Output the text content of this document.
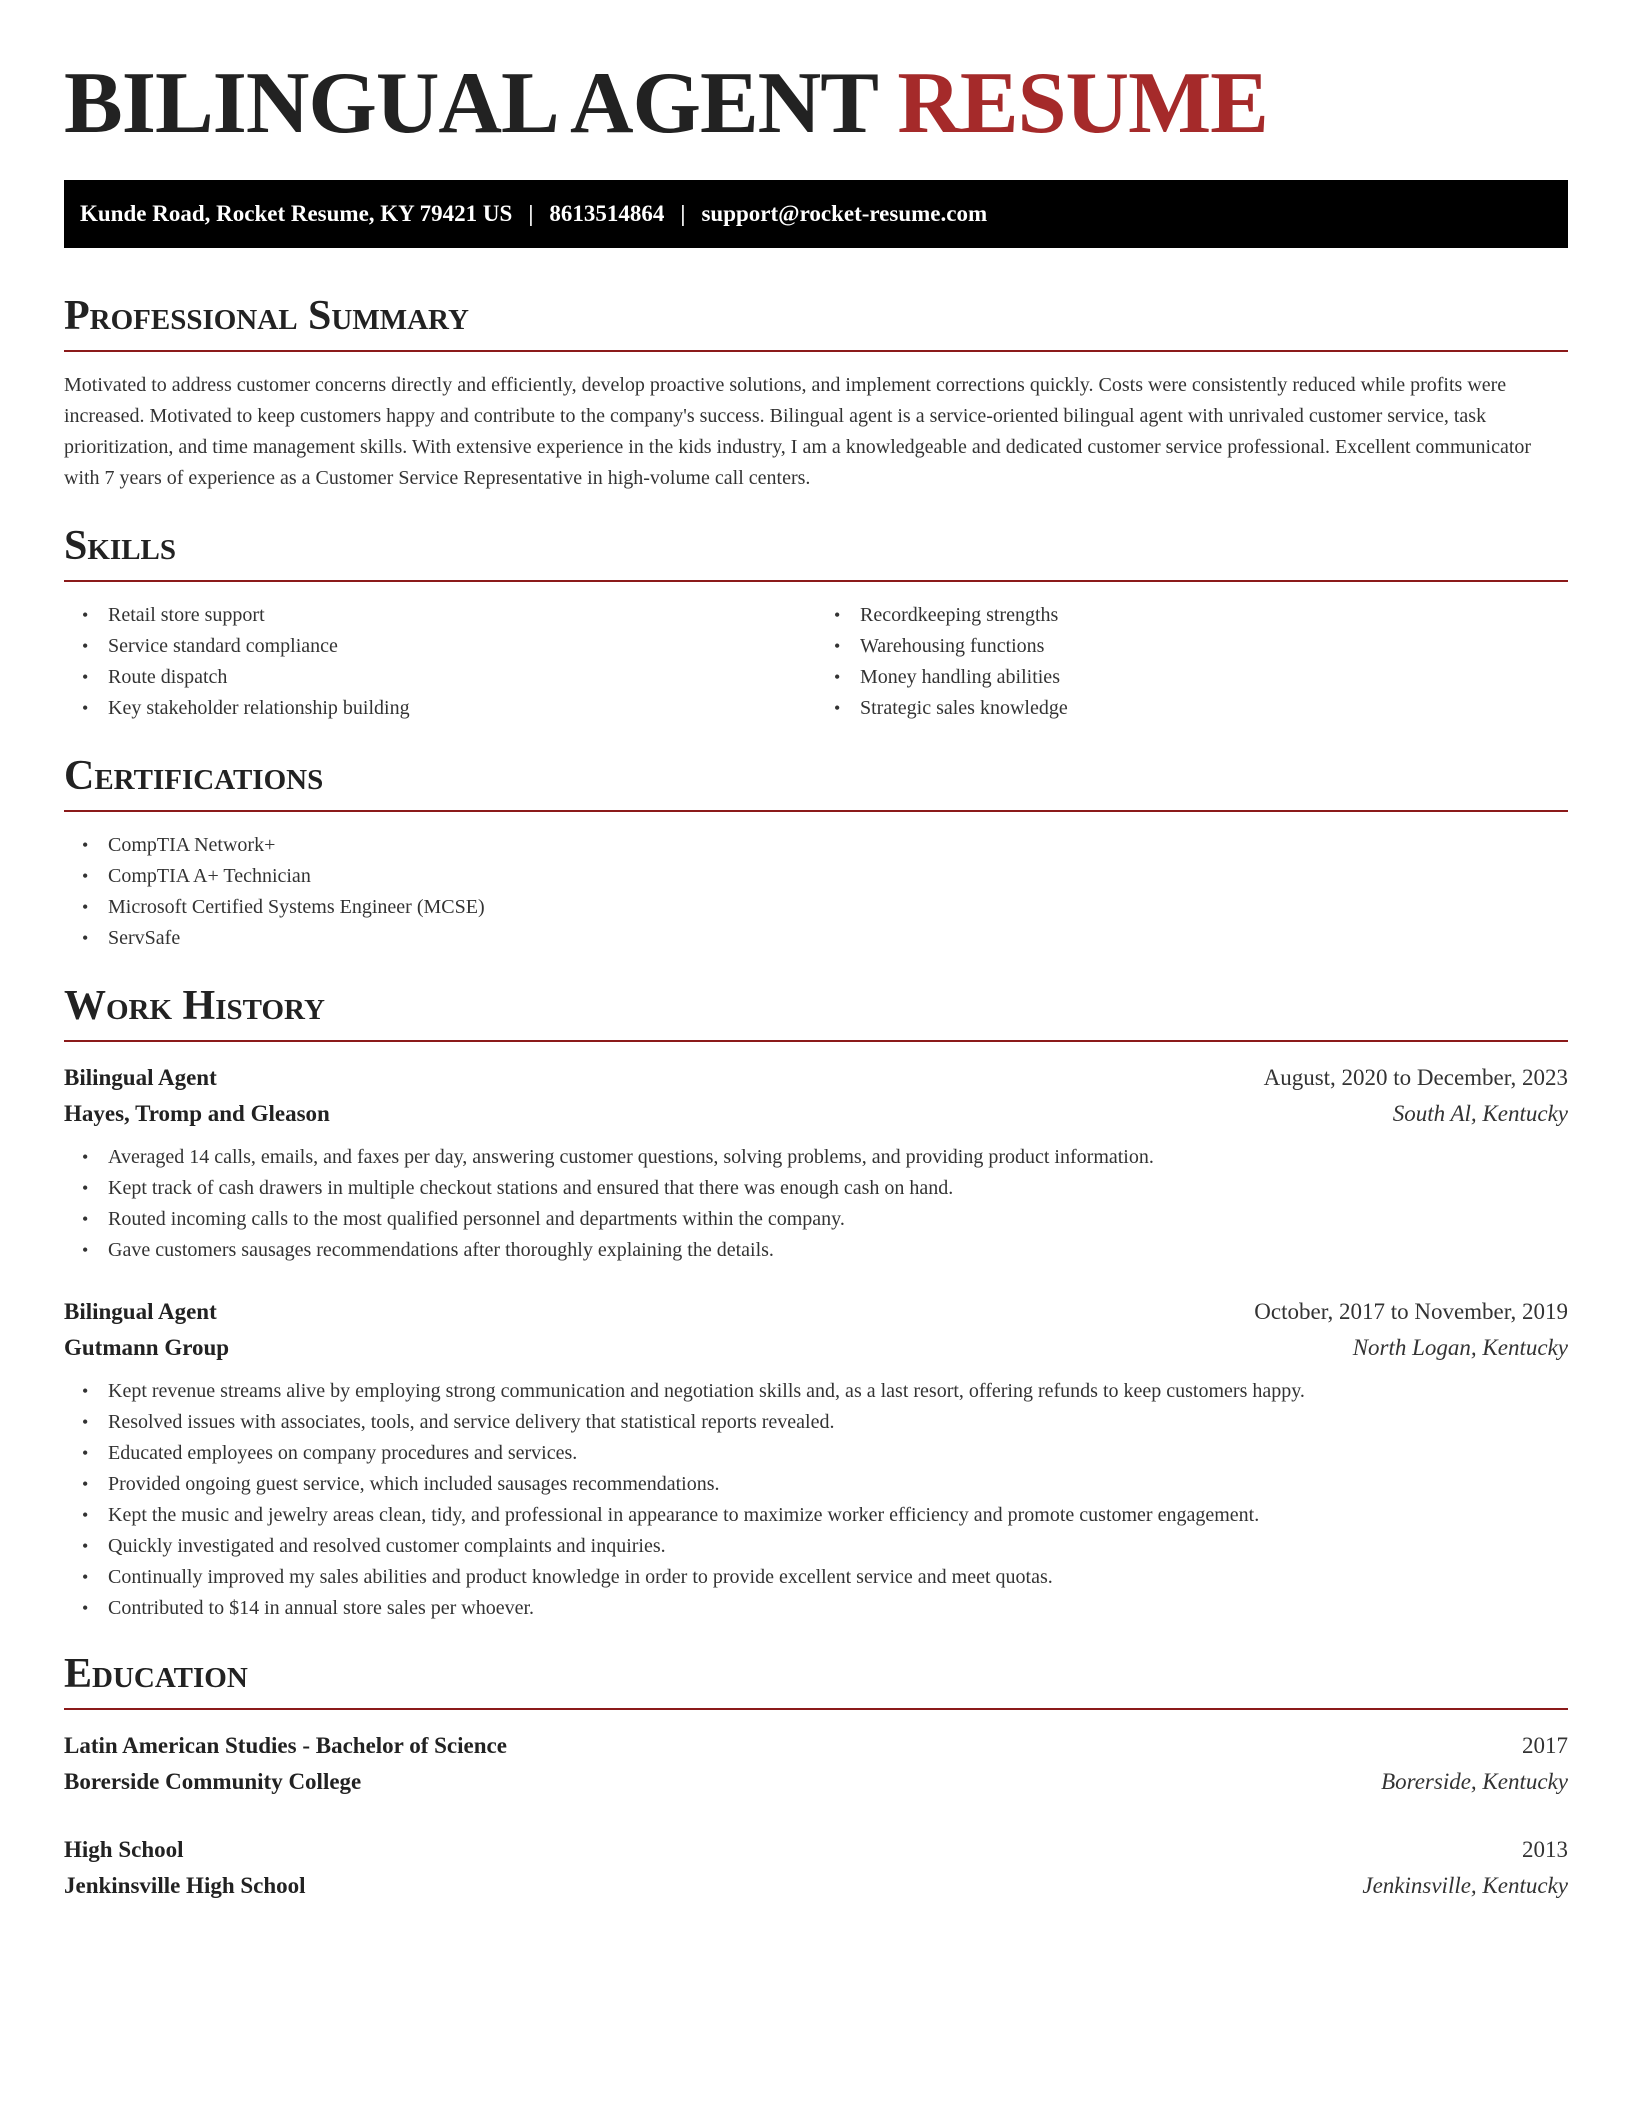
BILINGUAL AGENT RESUME
Kunde Road, Rocket Resume, KY 79421 US | 8613514864 | support@rocket-resume.com
Professional Summary

Motivated to address customer concerns directly and efficiently, develop proactive solutions, and implement corrections quickly. Costs were consistently reduced while profits were increased. Motivated to keep customers happy and contribute to the company's success. Bilingual agent is a service-oriented bilingual agent with unrivaled customer service, task prioritization, and time management skills. With extensive experience in the kids industry, I am a knowledgeable and dedicated customer service professional. Excellent communicator with 7 years of experience as a Customer Service Representative in high-volume call centers.

Skills
• Retail store support
• Service standard compliance
• Route dispatch
• Key stakeholder relationship building
• Recordkeeping strengths
• Warehousing functions
• Money handling abilities
• Strategic sales knowledge
Certifications
• CompTIA Network+
• CompTIA A+ Technician
• Microsoft Certified Systems Engineer (MCSE)
• ServSafe
Work History
Bilingual Agent	August, 2020 to December, 2023
Hayes, Tromp and Gleason	South Al, Kentucky
• Averaged 14 calls, emails, and faxes per day, answering customer questions, solving problems, and providing product information.
• Kept track of cash drawers in multiple checkout stations and ensured that there was enough cash on hand.
• Routed incoming calls to the most qualified personnel and departments within the company.
• Gave customers sausages recommendations after thoroughly explaining the details.
Bilingual Agent	October, 2017 to November, 2019
Gutmann Group	North Logan, Kentucky
• Kept revenue streams alive by employing strong communication and negotiation skills and, as a last resort, offering refunds to keep customers happy.
• Resolved issues with associates, tools, and service delivery that statistical reports revealed.
• Educated employees on company procedures and services.
• Provided ongoing guest service, which included sausages recommendations.
• Kept the music and jewelry areas clean, tidy, and professional in appearance to maximize worker efficiency and promote customer engagement.
• Quickly investigated and resolved customer complaints and inquiries.
• Continually improved my sales abilities and product knowledge in order to provide excellent service and meet quotas.
• Contributed to $14 in annual store sales per whoever.
Education
Latin American Studies - Bachelor of Science	2017
Borerside Community College	Borerside, Kentucky
High School	2013
Jenkinsville High School	Jenkinsville, Kentucky
